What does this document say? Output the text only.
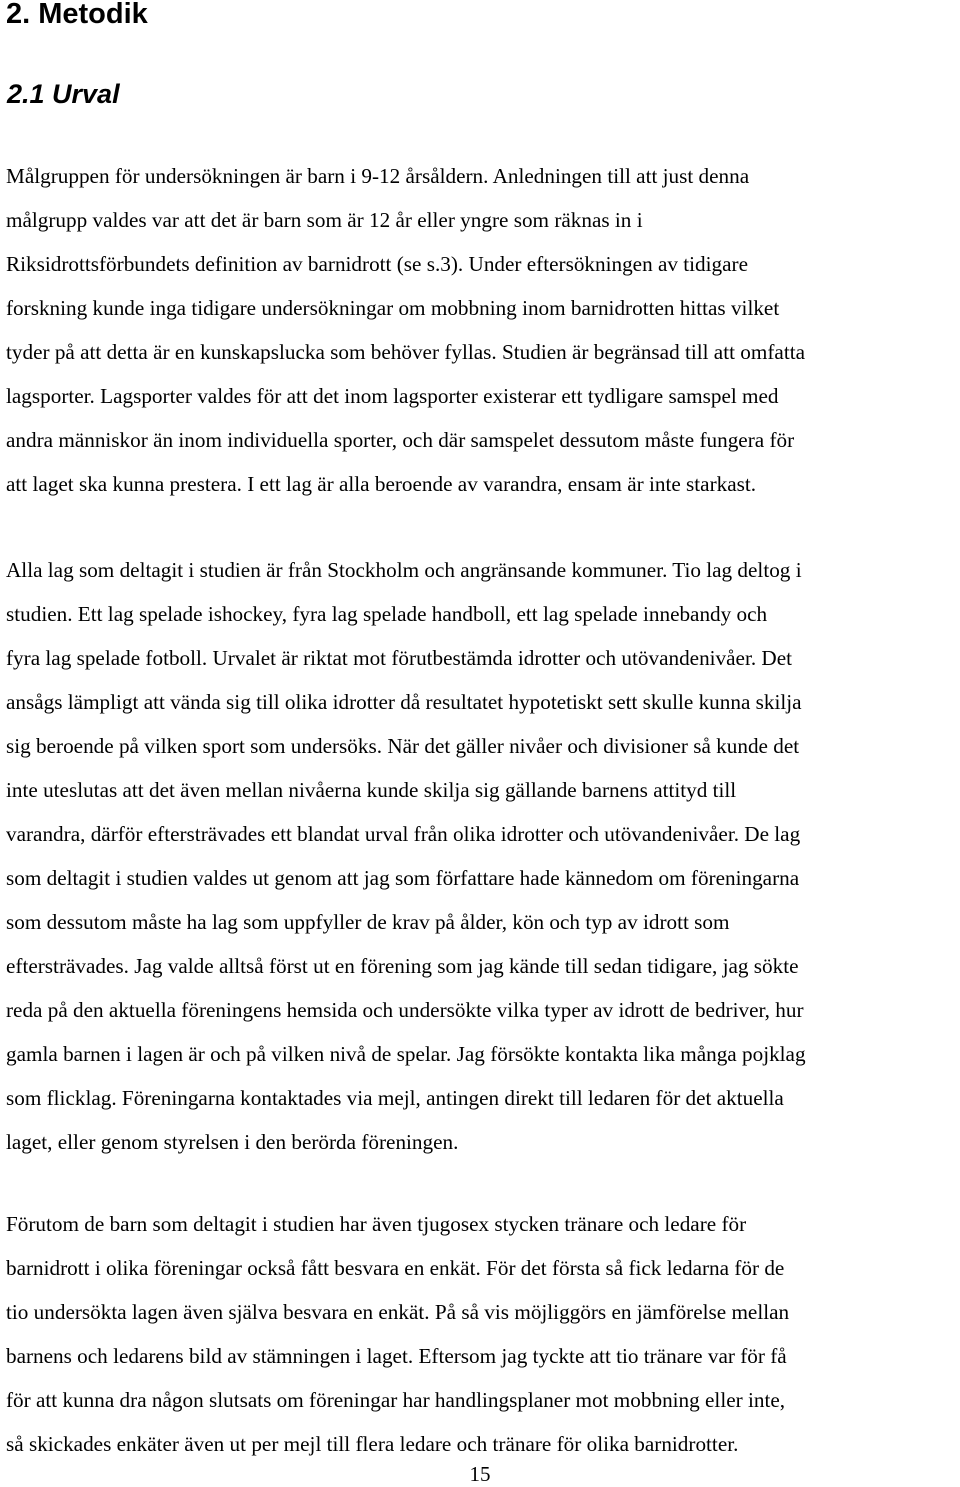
2. Metodik
2.1 Urval
Målgruppen för undersökningen är barn i 9-12 årsåldern. Anledningen till att just denna
målgrupp valdes var att det är barn som är 12 år eller yngre som räknas in i
Riksidrottsförbundets definition av barnidrott (se s.3). Under eftersökningen av tidigare
forskning kunde inga tidigare undersökningar om mobbning inom barnidrotten hittas vilket
tyder på att detta är en kunskapslucka som behöver fyllas. Studien är begränsad till att omfatta
lagsporter. Lagsporter valdes för att det inom lagsporter existerar ett tydligare samspel med
andra människor än inom individuella sporter, och där samspelet dessutom måste fungera för
att laget ska kunna prestera. I ett lag är alla beroende av varandra, ensam är inte starkast.
Alla lag som deltagit i studien är från Stockholm och angränsande kommuner. Tio lag deltog i
studien. Ett lag spelade ishockey, fyra lag spelade handboll, ett lag spelade innebandy och
fyra lag spelade fotboll. Urvalet är riktat mot förutbestämda idrotter och utövandenivåer. Det
ansågs lämpligt att vända sig till olika idrotter då resultatet hypotetiskt sett skulle kunna skilja
sig beroende på vilken sport som undersöks. När det gäller nivåer och divisioner så kunde det
inte uteslutas att det även mellan nivåerna kunde skilja sig gällande barnens attityd till
varandra, därför eftersträvades ett blandat urval från olika idrotter och utövandenivåer. De lag
som deltagit i studien valdes ut genom att jag som författare hade kännedom om föreningarna
som dessutom måste ha lag som uppfyller de krav på ålder, kön och typ av idrott som
eftersträvades. Jag valde alltså först ut en förening som jag kände till sedan tidigare, jag sökte
reda på den aktuella föreningens hemsida och undersökte vilka typer av idrott de bedriver, hur
gamla barnen i lagen är och på vilken nivå de spelar. Jag försökte kontakta lika många pojklag
som flicklag. Föreningarna kontaktades via mejl, antingen direkt till ledaren för det aktuella
laget, eller genom styrelsen i den berörda föreningen.
Förutom de barn som deltagit i studien har även tjugosex stycken tränare och ledare för
barnidrott i olika föreningar också fått besvara en enkät. För det första så fick ledarna för de
tio undersökta lagen även själva besvara en enkät. På så vis möjliggörs en jämförelse mellan
barnens och ledarens bild av stämningen i laget. Eftersom jag tyckte att tio tränare var för få
för att kunna dra någon slutsats om föreningar har handlingsplaner mot mobbning eller inte,
så skickades enkäter även ut per mejl till flera ledare och tränare för olika barnidrotter.
15
